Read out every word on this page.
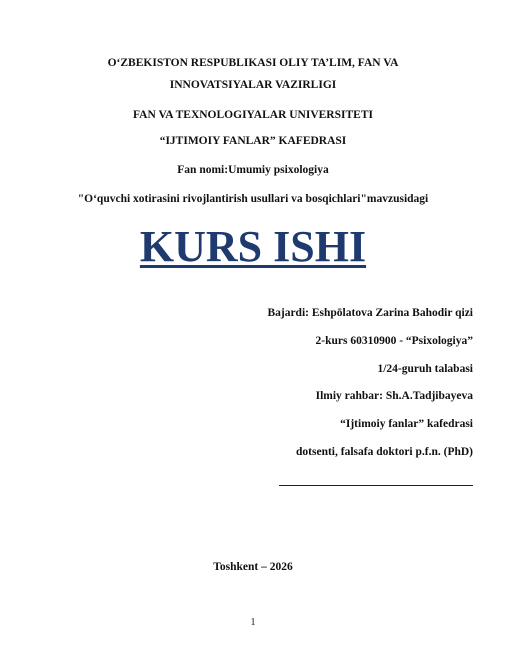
O‘ZBEKISTON RESPUBLIKASI OLIY TA’LIM, FAN VA
INNOVATSIYALAR VAZIRLIGI
FAN VA TEXNOLOGIYALAR UNIVERSITETI
“IJTIMOIY FANLAR” KAFEDRASI
Fan nomi:Umumiy psixologiya
"O‘quvchi xotirasini rivojlantirish usullari va bosqichlari"mavzusidagi
KURS ISHI
Bajardi: Eshpōlatova Zarina Bahodir qizi
2-kurs 60310900 - “Psixologiya”
1/24-guruh talabasi
Ilmiy rahbar: Sh.A.Tadjibayeva
“Ijtimoiy fanlar” kafedrasi
dotsenti, falsafa doktori p.f.n. (PhD)
Toshkent – 2026
1
